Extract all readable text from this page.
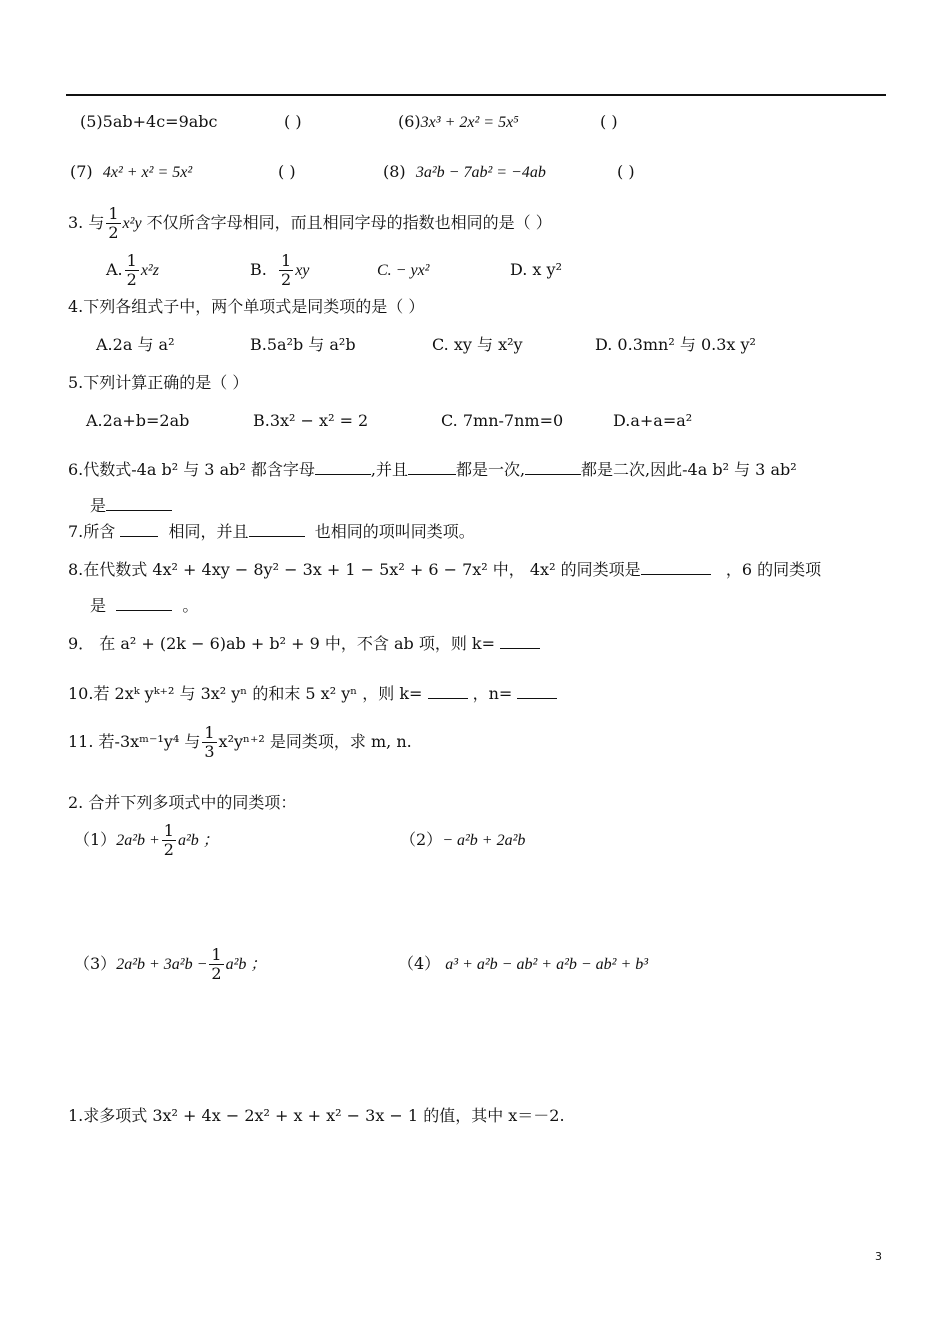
(5)5ab+4c=9abc	( )	(6)3x³ + 2x² = 5x⁵	( )
(7) 4x² + x² = 5x²	( )	(8) 3a²b − 7ab² = −4ab	( )
3. 与 $\frac{1}{2} x^2y$ 不仅所含字母相同，而且相同字母的指数也相同的是（ ）
A. $\frac{1}{2} x^2z$	B. $\frac{1}{2}$ xy	C. − yx²	D. x y²
4.下列各组式子中，两个单项式是同类项的是（ ）
A.2a 与 a²	B.5a²b 与 a²b	C. xy 与 x²y	D. 0.3mn² 与 0.3x y²
5.下列计算正确的是（ ）
A.2a+b=2ab	B.3x² − x² = 2	C. 7mn-7nm=0	D.a+a=a²
6.代数式-4a b² 与 3 ab² 都含字母	,并且	都是一次,	都是二次,因此-4a b² 与 3 ab²
是
7.所含	相同，并且	也相同的项叫同类项。
8.在代数式 4x² + 4xy − 8y² − 3x + 1 − 5x² + 6 − 7x² 中， 4x² 的同类项是	，6 的同类项
是	。
9． 在 a² + (2k − 6)ab + b² + 9 中，不含 ab 项，则 k=
10.若 2xᵏ yᵏ⁺² 与 3x² yⁿ 的和末 5 x² yⁿ ，则 k=	，n=
11. 若-3xᵐ⁻¹y⁴ 与 $\frac{1}{3} x^2y^{n+2}$ 是同类项，求 m, n.
2. 合并下列多项式中的同类项：
$(1)2a^2b + \frac{1}{2} a^2b$ ；	（2）− a²b + 2a²b
$(3)2a^2b + 3a^2b - \frac{1}{2} a^2b$ ；	（4） a³ + a²b − ab² + a²b − ab² + b³
1.求多项式 3x² + 4x − 2x² + x + x² − 3x − 1 的值，其中 x＝－2.
3
